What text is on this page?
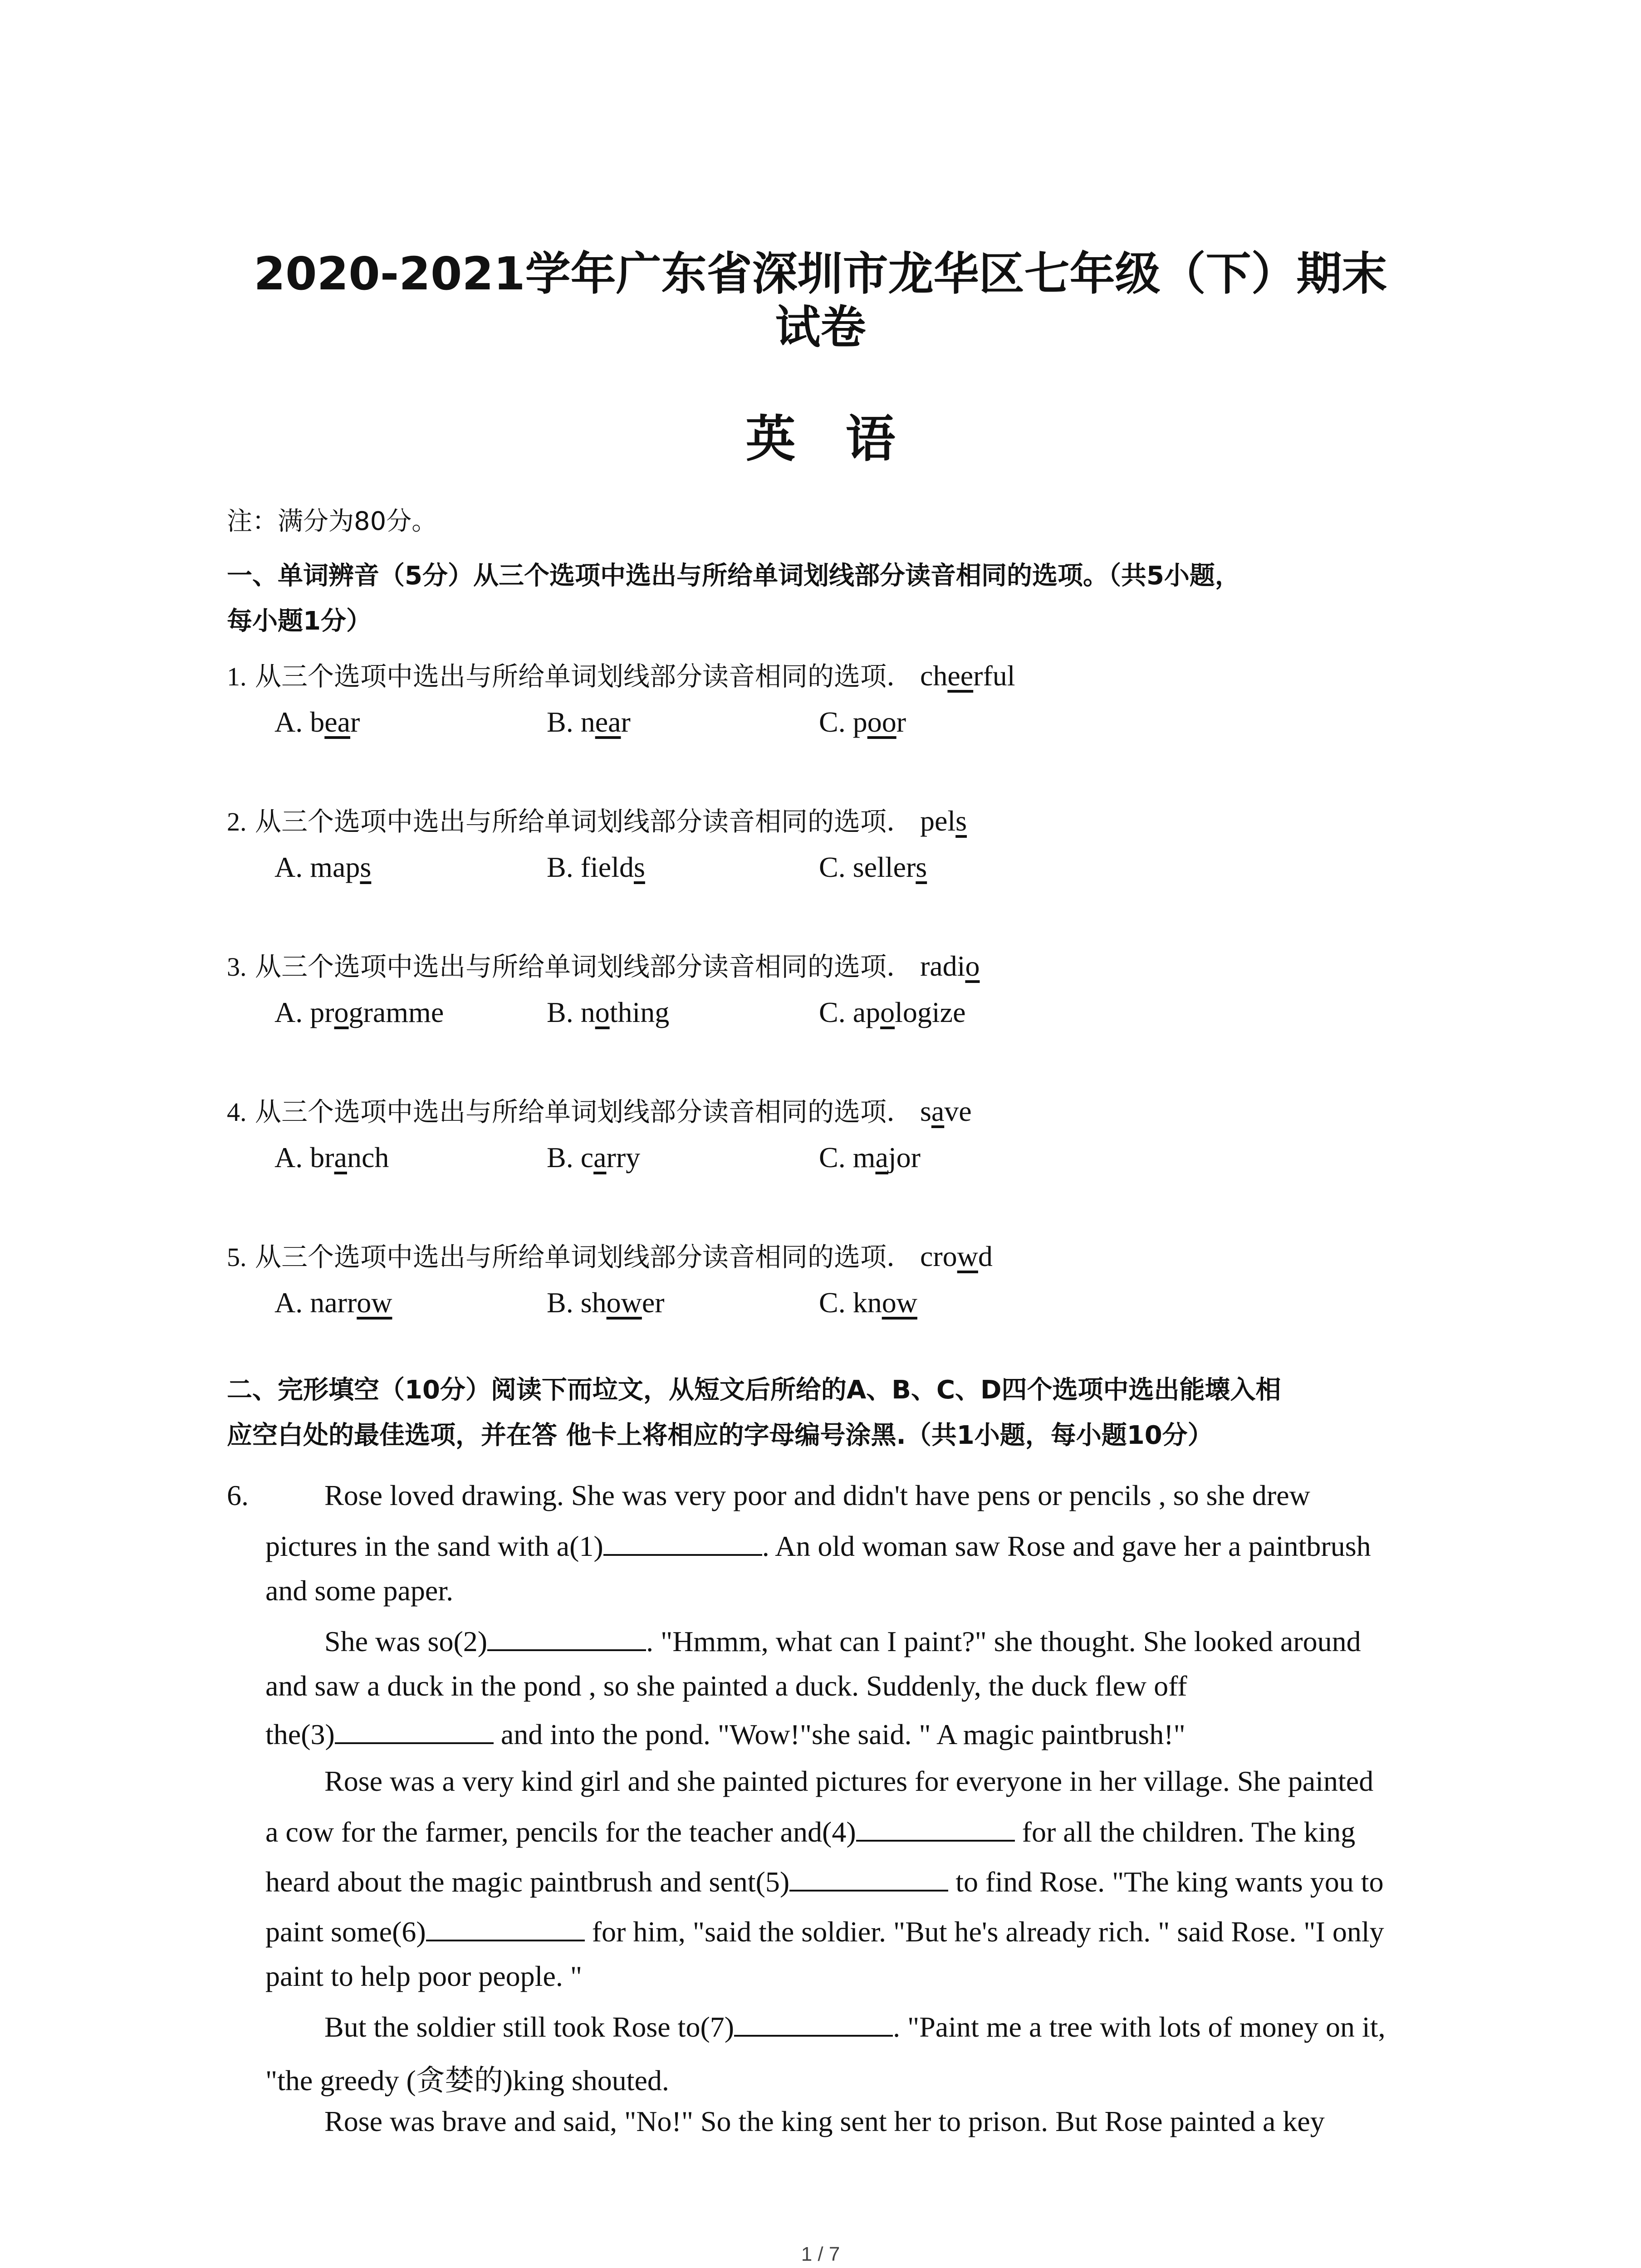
2020-2021学年广东省深圳市龙华区七年级（下）期末
试卷
英　语
注：满分为80分。
一、单词辨音（5分）从三个选项中选出与所给单词划线部分读音相同的选项。（共5小题，
每小题1分）
1. 从三个选项中选出与所给单词划线部分读音相同的选项． cheerful
A. bear	B. near	C. poor
2. 从三个选项中选出与所给单词划线部分读音相同的选项． pels
A. maps	B. fields	C. sellers
3. 从三个选项中选出与所给单词划线部分读音相同的选项． radio
A. programme	B. nothing	C. apologize
4. 从三个选项中选出与所给单词划线部分读音相同的选项． save
A. branch	B. carry	C. major
5. 从三个选项中选出与所给单词划线部分读音相同的选项． crowd
A. narrow	B. shower	C. know
二、完形填空（10分）阅读下而垃文，从短文后所给的A、B、C、D四个选项中选出能壊入相
应空白处的最佳选项，并在答 他卡上将相应的字母编号涂黑.（共1小题，每小题10分）
6.	Rose loved drawing. She was very poor and didn't have pens or pencils , so she drew
pictures in the sand with a(1)	. An old woman saw Rose and gave her a paintbrush
and some paper.
She was so(2)	. "Hmmm, what can I paint?" she thought. She looked around
and saw a duck in the pond , so she painted a duck. Suddenly, the duck flew off
the(3)	and into the pond. "Wow!"she said. " A magic paintbrush!"
Rose was a very kind girl and she painted pictures for everyone in her village. She painted
a cow for the farmer, pencils for the teacher and(4)	for all the children. The king
heard about the magic paintbrush and sent(5)	to find Rose. "The king wants you to
paint some(6)	for him, "said the soldier. "But he's already rich. " said Rose. "I only
paint to help poor people. "
But the soldier still took Rose to(7)	. "Paint me a tree with lots of money on it,
"the greedy (贪婪的)king shouted.
Rose was brave and said, "No!" So the king sent her to prison. But Rose painted a key
1 / 7
